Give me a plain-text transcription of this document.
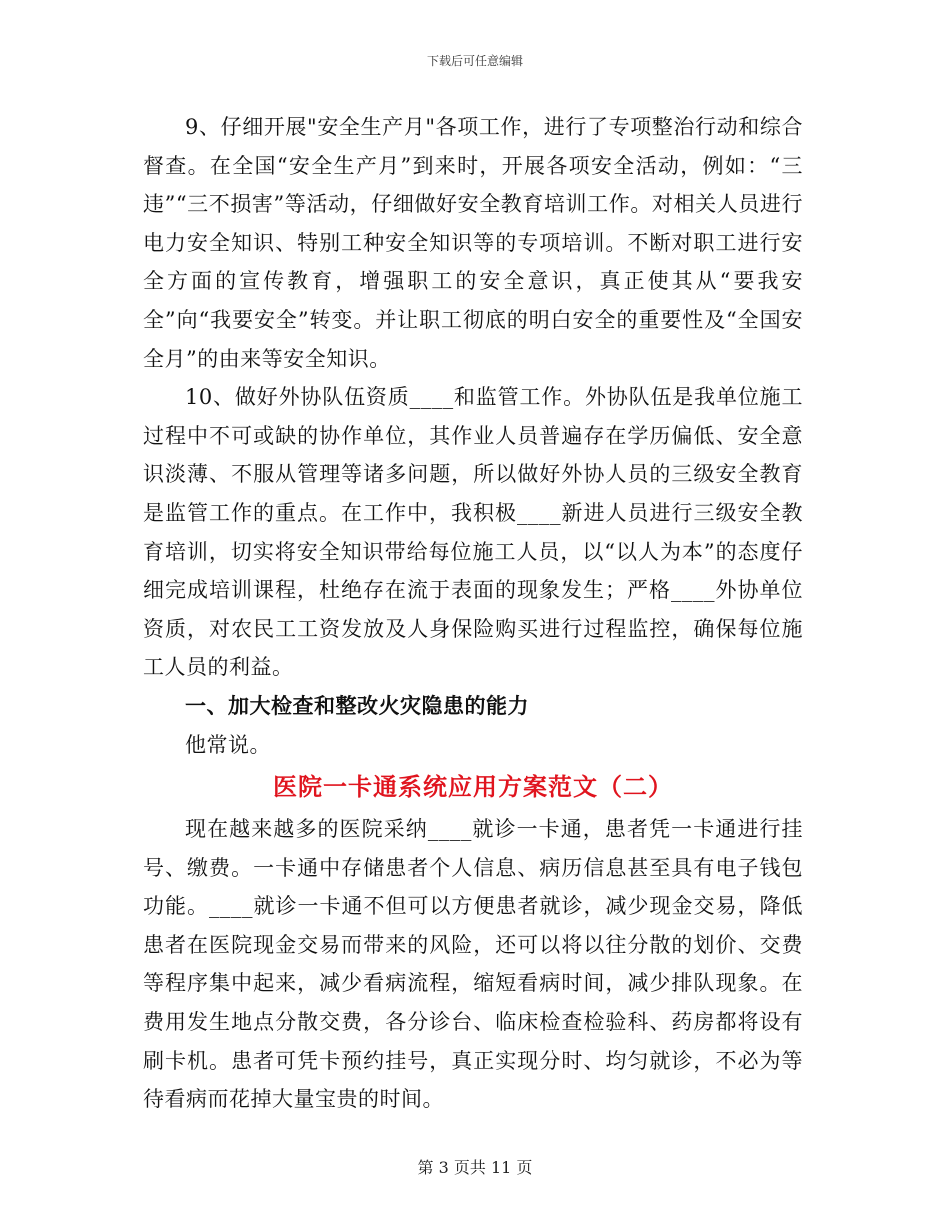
下载后可任意编辑

9、仔细开展"安全生产月"各项工作，进行了专项整治行动和综合督查。在全国“安全生产月”到来时，开展各项安全活动，例如：“三违”“三不损害”等活动，仔细做好安全教育培训工作。对相关人员进行电力安全知识、特别工种安全知识等的专项培训。不断对职工进行安全方面的宣传教育，增强职工的安全意识，真正使其从“要我安全”向“我要安全”转变。并让职工彻底的明白安全的重要性及“全国安全月”的由来等安全知识。

10、做好外协队伍资质____和监管工作。外协队伍是我单位施工过程中不可或缺的协作单位，其作业人员普遍存在学历偏低、安全意识淡薄、不服从管理等诸多问题，所以做好外协人员的三级安全教育是监管工作的重点。在工作中，我积极____新进人员进行三级安全教育培训，切实将安全知识带给每位施工人员，以“以人为本”的态度仔细完成培训课程，杜绝存在流于表面的现象发生；严格____外协单位资质，对农民工工资发放及人身保险购买进行过程监控，确保每位施工人员的利益。

一、加大检查和整改火灾隐患的能力

他常说。

医院一卡通系统应用方案范文（二）

现在越来越多的医院采纳____就诊一卡通，患者凭一卡通进行挂号、缴费。一卡通中存储患者个人信息、病历信息甚至具有电子钱包功能。____就诊一卡通不但可以方便患者就诊，减少现金交易，降低患者在医院现金交易而带来的风险，还可以将以往分散的划价、交费等程序集中起来，减少看病流程，缩短看病时间，减少排队现象。在费用发生地点分散交费，各分诊台、临床检查检验科、药房都将设有刷卡机。患者可凭卡预约挂号，真正实现分时、均匀就诊，不必为等待看病而花掉大量宝贵的时间。

第 3 页共 11 页
